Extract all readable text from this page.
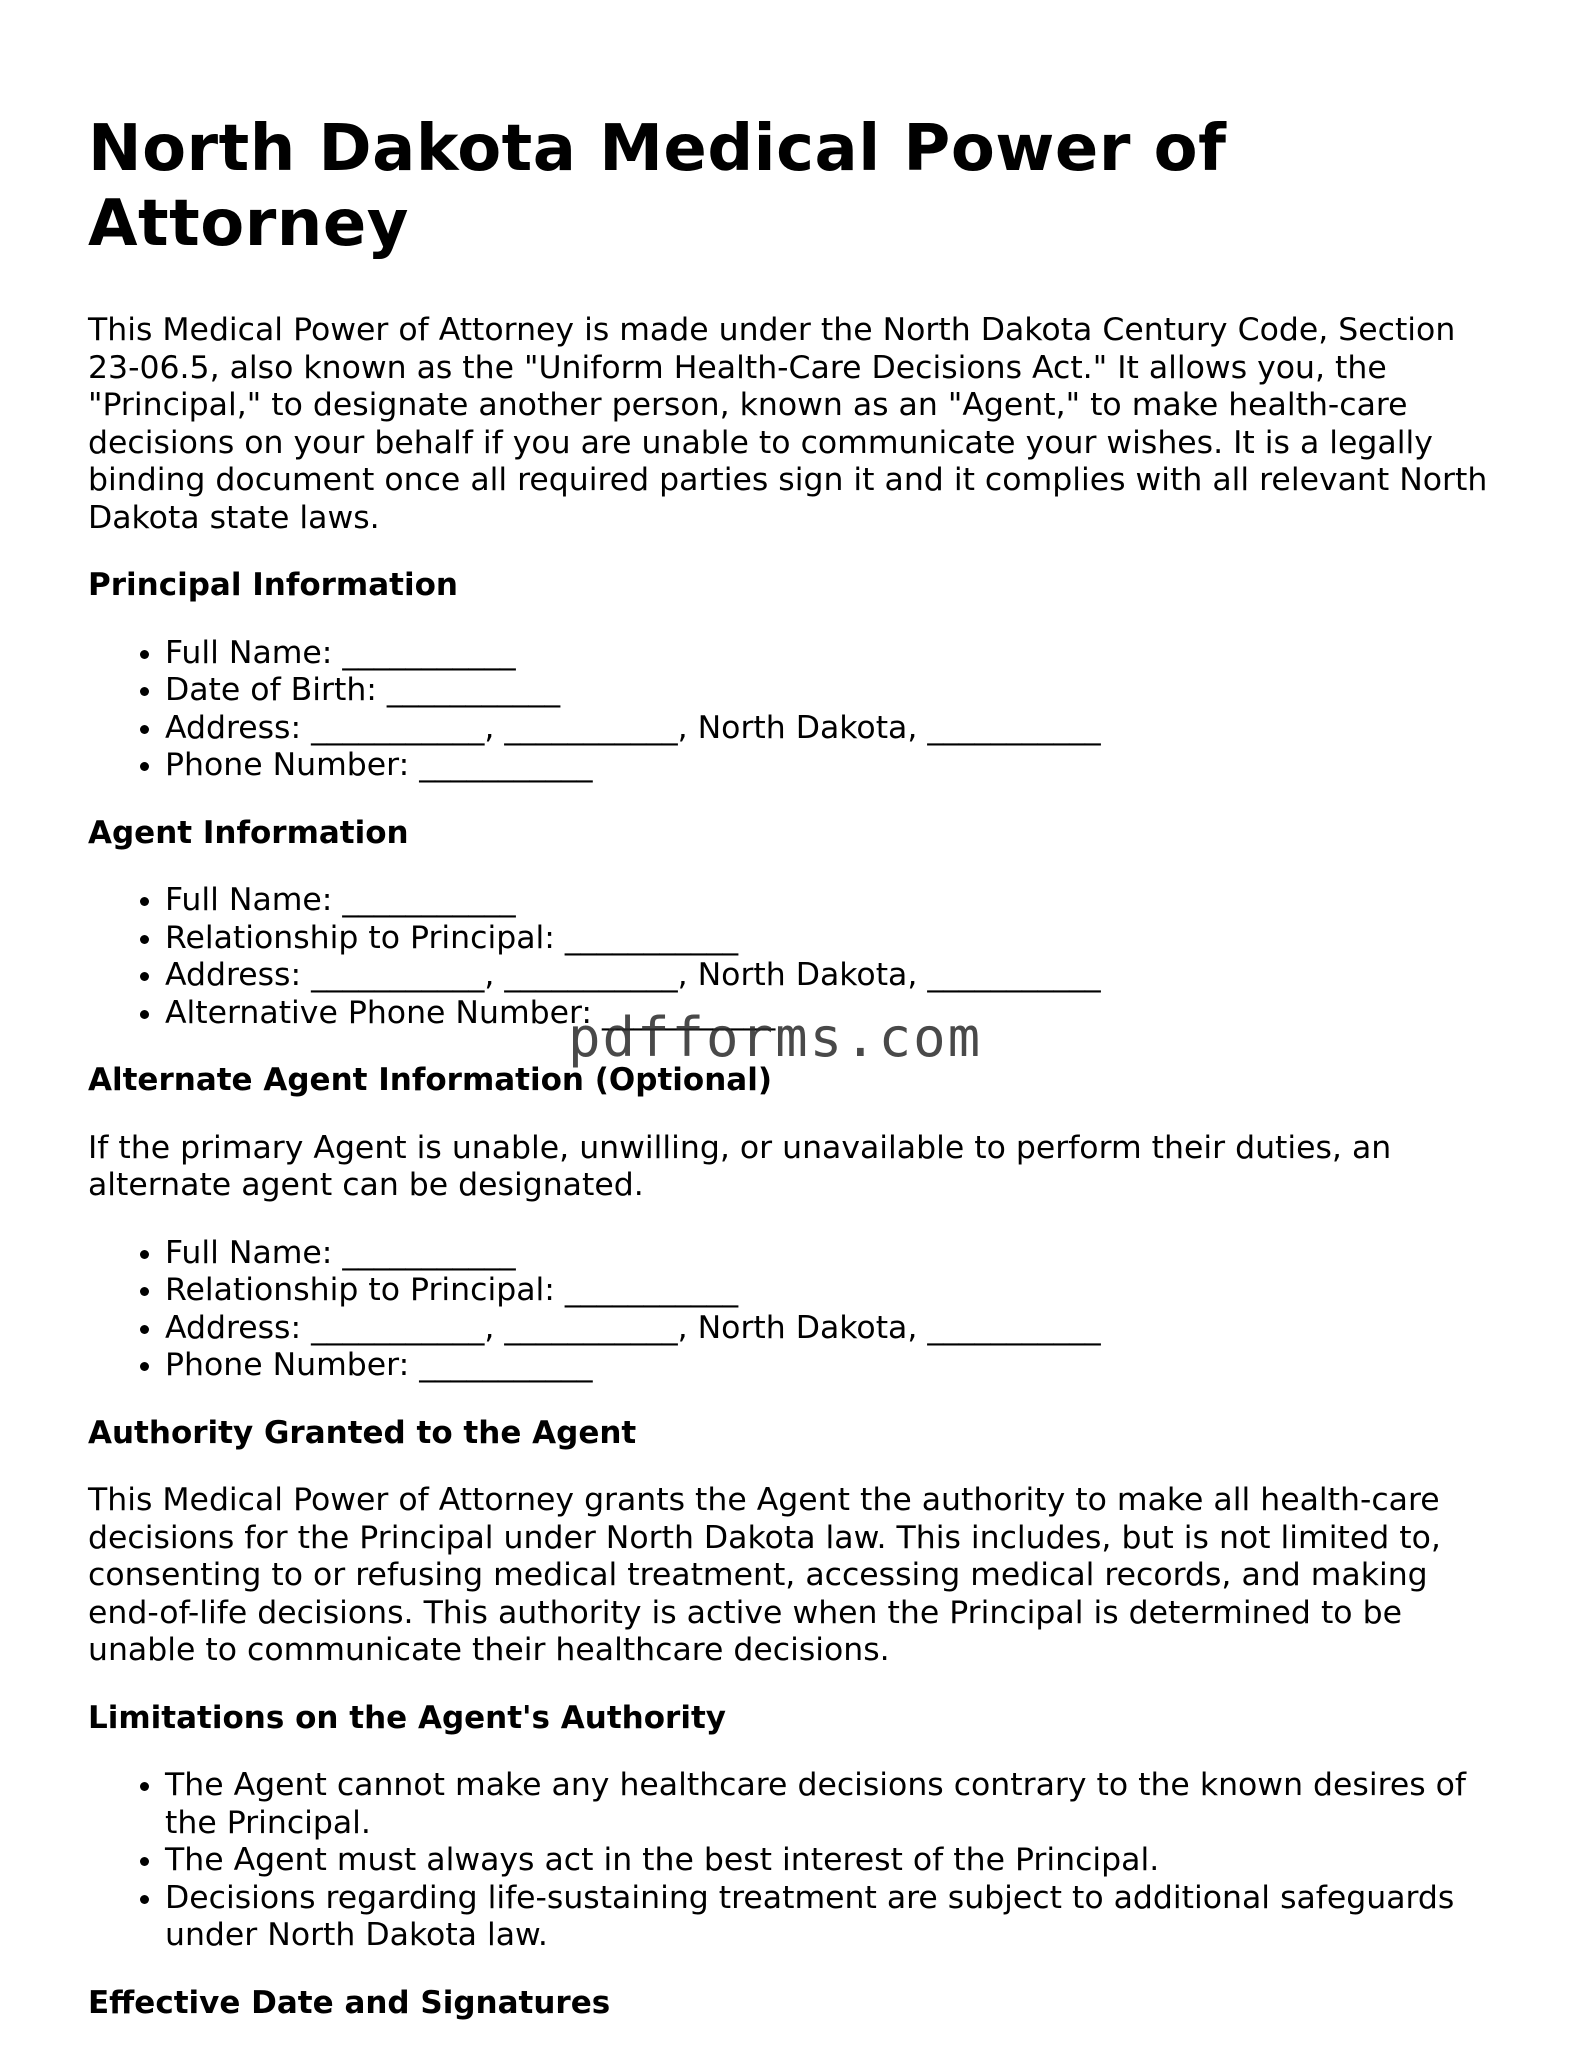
North Dakota Medical Power of Attorney

This Medical Power of Attorney is made under the North Dakota Century Code, Section 23-06.5, also known as the "Uniform Health-Care Decisions Act." It allows you, the "Principal," to designate another person, known as an "Agent," to make health-care decisions on your behalf if you are unable to communicate your wishes. It is a legally binding document once all required parties sign it and it complies with all relevant North Dakota state laws.

Principal Information
• Full Name: ___________
• Date of Birth: ___________
• Address: ___________, ___________, North Dakota, ___________
• Phone Number: ___________
Agent Information
• Full Name: ___________
• Relationship to Principal: ___________
• Address: ___________, ___________, North Dakota, ___________
• Alternative Phone Number: ___________
Alternate Agent Information (Optional)

If the primary Agent is unable, unwilling, or unavailable to perform their duties, an alternate agent can be designated.

• Full Name: ___________
• Relationship to Principal: ___________
• Address: ___________, ___________, North Dakota, ___________
• Phone Number: ___________
Authority Granted to the Agent

This Medical Power of Attorney grants the Agent the authority to make all health-care decisions for the Principal under North Dakota law. This includes, but is not limited to, consenting to or refusing medical treatment, accessing medical records, and making end-of-life decisions. This authority is active when the Principal is determined to be unable to communicate their healthcare decisions.

Limitations on the Agent's Authority
• The Agent cannot make any healthcare decisions contrary to the known desires of the Principal.
• The Agent must always act in the best interest of the Principal.
• Decisions regarding life-sustaining treatment are subject to additional safeguards under North Dakota law.
Effective Date and Signatures
pdfforms.com
